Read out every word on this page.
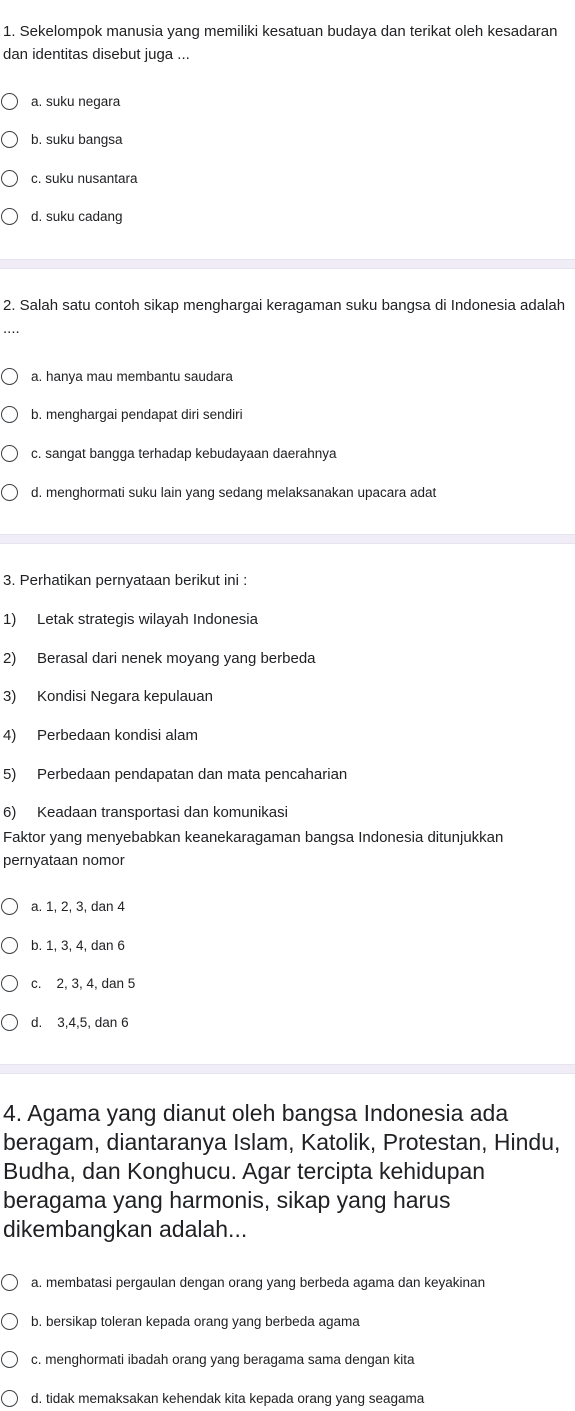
1. Sekelompok manusia yang memiliki kesatuan budaya dan terikat oleh kesadaran dan identitas disebut juga ...
a. suku negara
b. suku bangsa
c. suku nusantara
d. suku cadang
2. Salah satu contoh sikap menghargai keragaman suku bangsa di Indonesia adalah ....
a. hanya mau membantu saudara
b. menghargai pendapat diri sendiri
c. sangat bangga terhadap kebudayaan daerahnya
d. menghormati suku lain yang sedang melaksanakan upacara adat
3. Perhatikan pernyataan berikut ini :
1) Letak strategis wilayah Indonesia
2) Berasal dari nenek moyang yang berbeda
3) Kondisi Negara kepulauan
4) Perbedaan kondisi alam
5) Perbedaan pendapatan dan mata pencaharian
6) Keadaan transportasi dan komunikasi
Faktor yang menyebabkan keanekaragaman bangsa Indonesia ditunjukkan pernyataan nomor
a. 1, 2, 3, dan 4
b. 1, 3, 4, dan 6
c.    2, 3, 4, dan 5
d.    3,4,5, dan 6
4. Agama yang dianut oleh bangsa Indonesia ada beragam, diantaranya Islam, Katolik, Protestan, Hindu, Budha, dan Konghucu. Agar tercipta kehidupan beragama yang harmonis, sikap yang harus dikembangkan adalah...
a. membatasi pergaulan dengan orang yang berbeda agama dan keyakinan
b. bersikap toleran kepada orang yang berbeda agama
c. menghormati ibadah orang yang beragama sama dengan kita
d. tidak memaksakan kehendak kita kepada orang yang seagama
